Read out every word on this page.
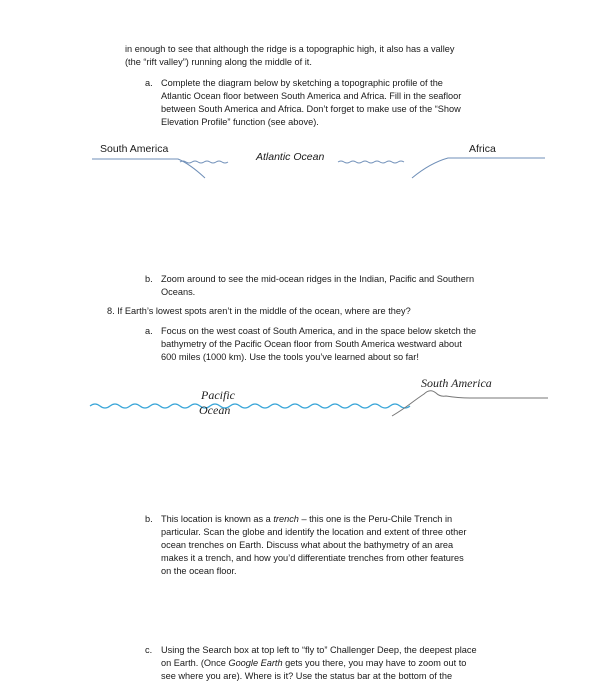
in enough to see that although the ridge is a topographic high, it also has a valley
(the “rift valley”) running along the middle of it.
a. Complete the diagram below by sketching a topographic profile of the
Atlantic Ocean floor between South America and Africa. Fill in the seafloor
between South America and Africa. Don’t forget to make use of the “Show
Elevation Profile” function (see above).
South America	Africa
Atlantic Ocean
b. Zoom around to see the mid-ocean ridges in the Indian, Pacific and Southern
Oceans.
8. If Earth’s lowest spots aren’t in the middle of the ocean, where are they?
a. Focus on the west coast of South America, and in the space below sketch the
bathymetry of the Pacific Ocean floor from South America westward about
600 miles (1000 km). Use the tools you’ve learned about so far!
Pacific
Ocean
South America
b. This location is known as a trench – this one is the Peru-Chile Trench in
particular. Scan the globe and identify the location and extent of three other
ocean trenches on Earth. Discuss what about the bathymetry of an area
makes it a trench, and how you’d differentiate trenches from other features
on the ocean floor.
c. Using the Search box at top left to “fly to” Challenger Deep, the deepest place
on Earth. (Once Google Earth gets you there, you may have to zoom out to
see where you are). Where is it? Use the status bar at the bottom of the
